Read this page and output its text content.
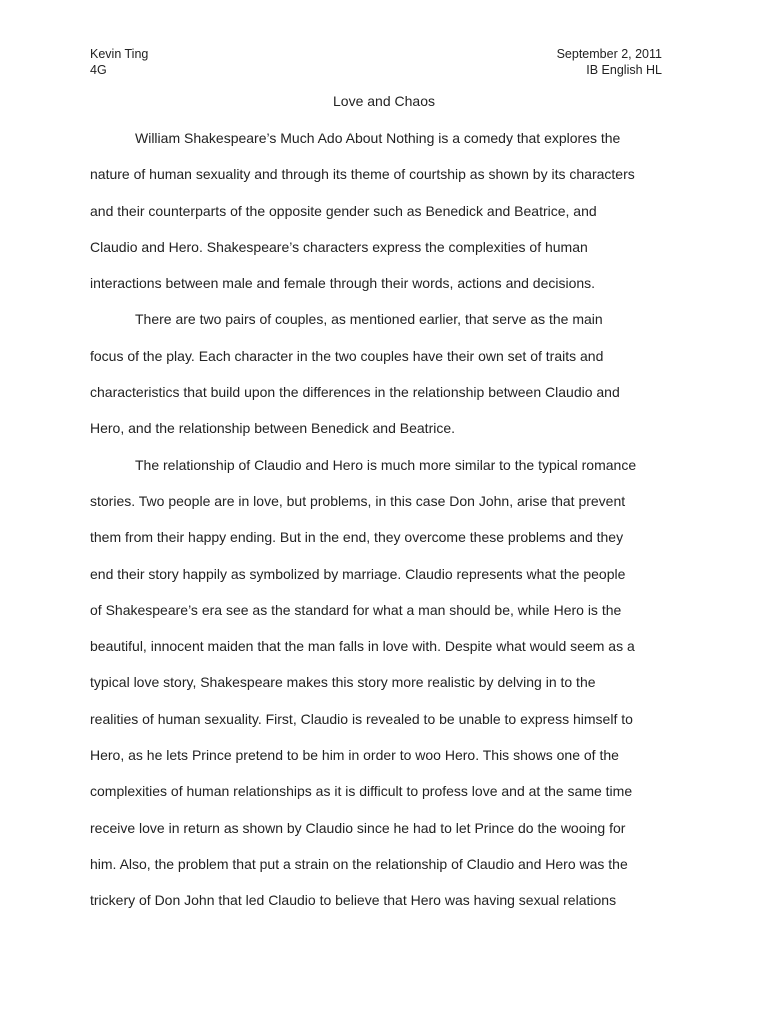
Kevin Ting	September 2, 2011
4G	IB English HL
Love and Chaos
William Shakespeare’s Much Ado About Nothing is a comedy that explores the
nature of human sexuality and through its theme of courtship as shown by its characters
and their counterparts of the opposite gender such as Benedick and Beatrice, and
Claudio and Hero. Shakespeare’s characters express the complexities of human
interactions between male and female through their words, actions and decisions.
There are two pairs of couples, as mentioned earlier, that serve as the main
focus of the play. Each character in the two couples have their own set of traits and
characteristics that build upon the differences in the relationship between Claudio and
Hero, and the relationship between Benedick and Beatrice.
The relationship of Claudio and Hero is much more similar to the typical romance
stories. Two people are in love, but problems, in this case Don John, arise that prevent
them from their happy ending. But in the end, they overcome these problems and they
end their story happily as symbolized by marriage. Claudio represents what the people
of Shakespeare’s era see as the standard for what a man should be, while Hero is the
beautiful, innocent maiden that the man falls in love with. Despite what would seem as a
typical love story, Shakespeare makes this story more realistic by delving in to the
realities of human sexuality. First, Claudio is revealed to be unable to express himself to
Hero, as he lets Prince pretend to be him in order to woo Hero. This shows one of the
complexities of human relationships as it is difficult to profess love and at the same time
receive love in return as shown by Claudio since he had to let Prince do the wooing for
him. Also, the problem that put a strain on the relationship of Claudio and Hero was the
trickery of Don John that led Claudio to believe that Hero was having sexual relations
